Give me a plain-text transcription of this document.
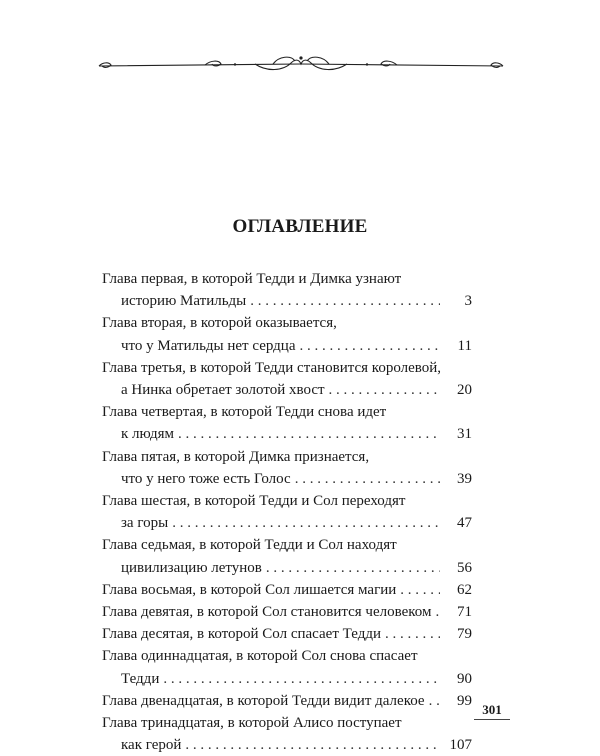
ОГЛАВЛЕНИЕ
Глава первая, в которой Тедди и Димка узнают
историю Матильды . . .	3
Глава вторая, в которой оказывается,
что у Матильды нет сердца . . .	11
Глава третья, в которой Тедди становится королевой,
а Нинка обретает золотой хвост . . .	20
Глава четвертая, в которой Тедди снова идет
к людям . . .	31
Глава пятая, в которой Димка признается,
что у него тоже есть Голос . . .	39
Глава шестая, в которой Тедди и Сол переходят
за горы . . .	47
Глава седьмая, в которой Тедди и Сол находят
цивилизацию летунов . . .	56
Глава восьмая, в которой Сол лишается магии . . .	62
Глава девятая, в которой Сол становится человеком . . .	71
Глава десятая, в которой Сол спасает Тедди . . .	79
Глава одиннадцатая, в которой Сол снова спасает
Тедди . . .	90
Глава двенадцатая, в которой Тедди видит далекое . . .	99
Глава тринадцатая, в которой Алисо поступает
как герой . . .	107
301
